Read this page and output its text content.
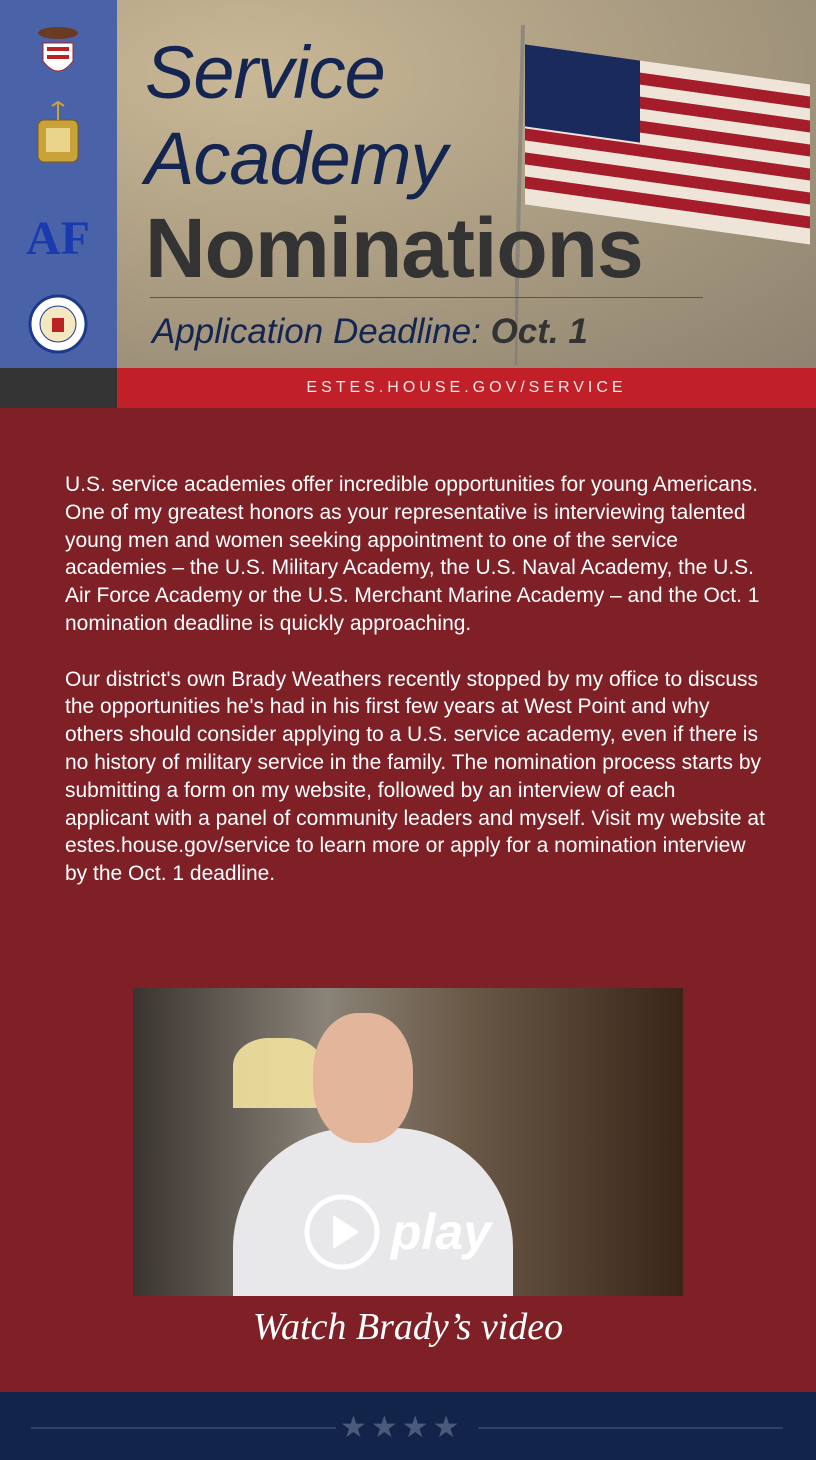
AF
Service
Academy
Nominations
Application Deadline: Oct. 1
ESTES.HOUSE.GOV/SERVICE

U.S. service academies offer incredible opportunities for young Americans. One of my greatest honors as your representative is interviewing talented young men and women seeking appointment to one of the service academies – the U.S. Military Academy, the U.S. Naval Academy, the U.S. Air Force Academy or the U.S. Merchant Marine Academy – and the Oct. 1 nomination deadline is quickly approaching.

Our district's own Brady Weathers recently stopped by my office to discuss the opportunities he's had in his first few years at West Point and why others should consider applying to a U.S. service academy, even if there is no history of military service in the family. The nomination process starts by submitting a form on my website, followed by an interview of each applicant with a panel of community leaders and myself. Visit my website at estes.house.gov/service to learn more or apply for a nomination interview by the Oct. 1 deadline.

play
Watch Brady’s video
★★★★
